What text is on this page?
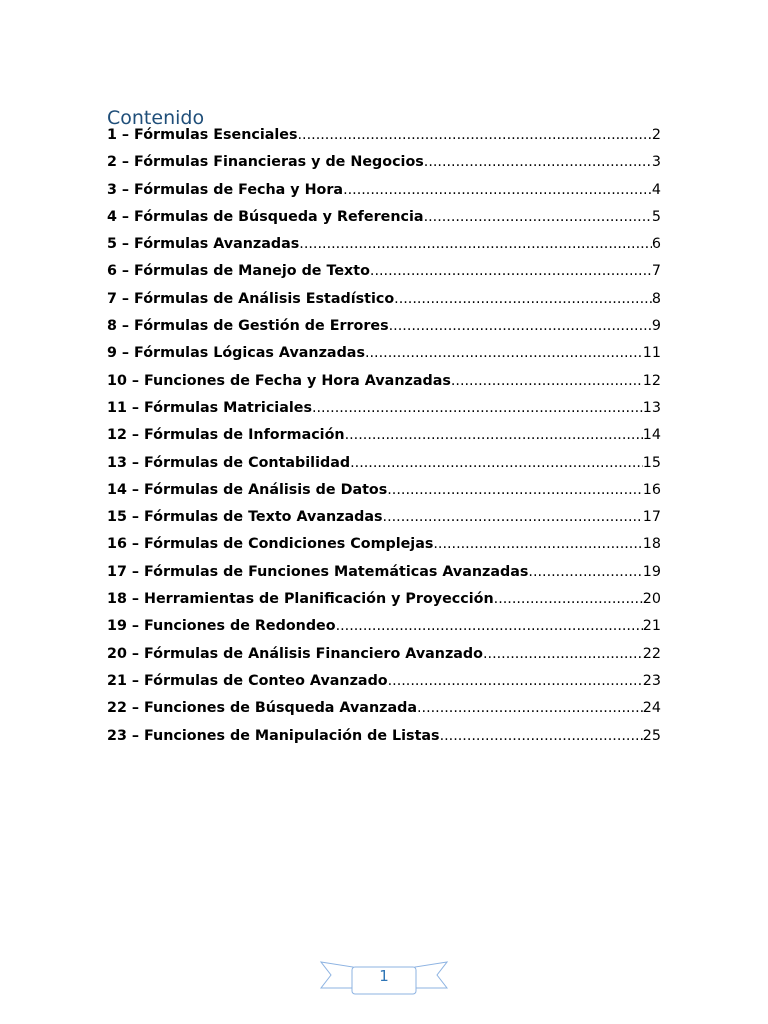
Contenido
1 – Fórmulas Esenciales .....	2
2 – Fórmulas Financieras y de Negocios .....	3
3 – Fórmulas de Fecha y Hora .....	4
4 – Fórmulas de Búsqueda y Referencia .....	5
5 – Fórmulas Avanzadas .....	6
6 – Fórmulas de Manejo de Texto .....	7
7 – Fórmulas de Análisis Estadístico .....	8
8 – Fórmulas de Gestión de Errores .....	9
9 – Fórmulas Lógicas Avanzadas .....	11
10 – Funciones de Fecha y Hora Avanzadas .....	12
11 – Fórmulas Matriciales .....	13
12 – Fórmulas de Información .....	14
13 – Fórmulas de Contabilidad .....	15
14 – Fórmulas de Análisis de Datos .....	16
15 – Fórmulas de Texto Avanzadas .....	17
16 – Fórmulas de Condiciones Complejas .....	18
17 – Fórmulas de Funciones Matemáticas Avanzadas .....	19
18 – Herramientas de Planificación y Proyección .....	20
19 – Funciones de Redondeo .....	21
20 – Fórmulas de Análisis Financiero Avanzado .....	22
21 – Fórmulas de Conteo Avanzado .....	23
22 – Funciones de Búsqueda Avanzada .....	24
23 – Funciones de Manipulación de Listas .....	25
1
